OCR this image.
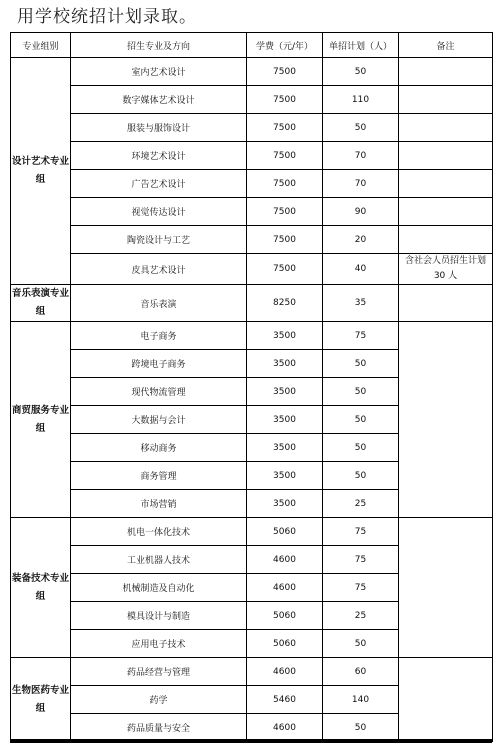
用学校统招计划录取。
专业组别	招生专业及方向	学费（元/年）	单招计划（人）	备注
设计艺术专业组	室内艺术设计	7500	50	
	数字媒体艺术设计	7500	110	
	服装与服饰设计	7500	50	
	环境艺术设计	7500	70	
	广告艺术设计	7500	70	
	视觉传达设计	7500	90	
	陶瓷设计与工艺	7500	20	
	皮具艺术设计	7500	40	含社会人员招生计划 30 人
音乐表演专业组	音乐表演	8250	35	
商贸服务专业组	电子商务	3500	75	
	跨境电子商务	3500	50	
	现代物流管理	3500	50	
	大数据与会计	3500	50	
	移动商务	3500	50	
	商务管理	3500	50	
	市场营销	3500	25	
装备技术专业组	机电一体化技术	5060	75	
	工业机器人技术	4600	75	
	机械制造及自动化	4600	75	
	模具设计与制造	5060	25	
	应用电子技术	5060	50	
生物医药专业组	药品经营与管理	4600	60	
	药学	5460	140	
	药品质量与安全	4600	50	
